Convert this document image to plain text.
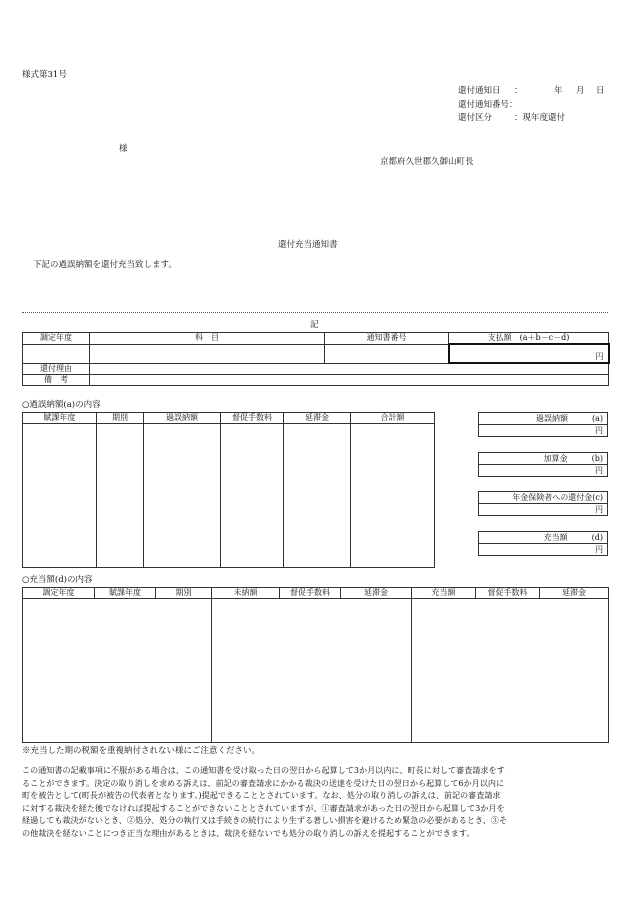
様式第31号
還付通知日 ：	年 月 日
還付通知番号：
還付区分	：現年度還付
様
京都府久世郡久御山町長
還付充当通知書
下記の過誤納額を還付充当致します。
記
調定年度	科　目	通知書番号	支払額　(a＋b－c－d)
			円
還付理由			
備　考			
○過誤納額(a)の内容
賦課年度	期別	過誤納額	督促手数料	延滞金	合計額
						過誤納額　　　	(a)
円
加算金　　　	(b)
円
年金保険者への還付金(c)
円
充当額　　　	(d)
円
○充当額(d)の内容
調定年度	賦課年度	期別	未納額	督促手数料	延滞金	充当額	督促手数料	延滞金

※充当した期の税額を重複納付されない様にご注意ください。
この通知書の記載事項に不服がある場合は、この通知書を受け取った日の翌日から起算して3か月以内に、町長に対して審査請求をす
ることができます。決定の取り消しを求める訴えは、前記の審査請求にかかる裁決の送達を受けた日の翌日から起算して6か月以内に
町を被告として(町長が被告の代表者となります。)提起できることとされています。なお、処分の取り消しの訴えは、前記の審査請求
に対する裁決を経た後でなければ提起することができないこととされていますが、①審査請求があった日の翌日から起算して3か月を
経過しても裁決がないとき、②処分、処分の執行又は手続きの続行により生ずる著しい損害を避けるため緊急の必要があるとき、③そ
の他裁決を経ないことにつき正当な理由があるときは、裁決を経ないでも処分の取り消しの訴えを提起することができます。
